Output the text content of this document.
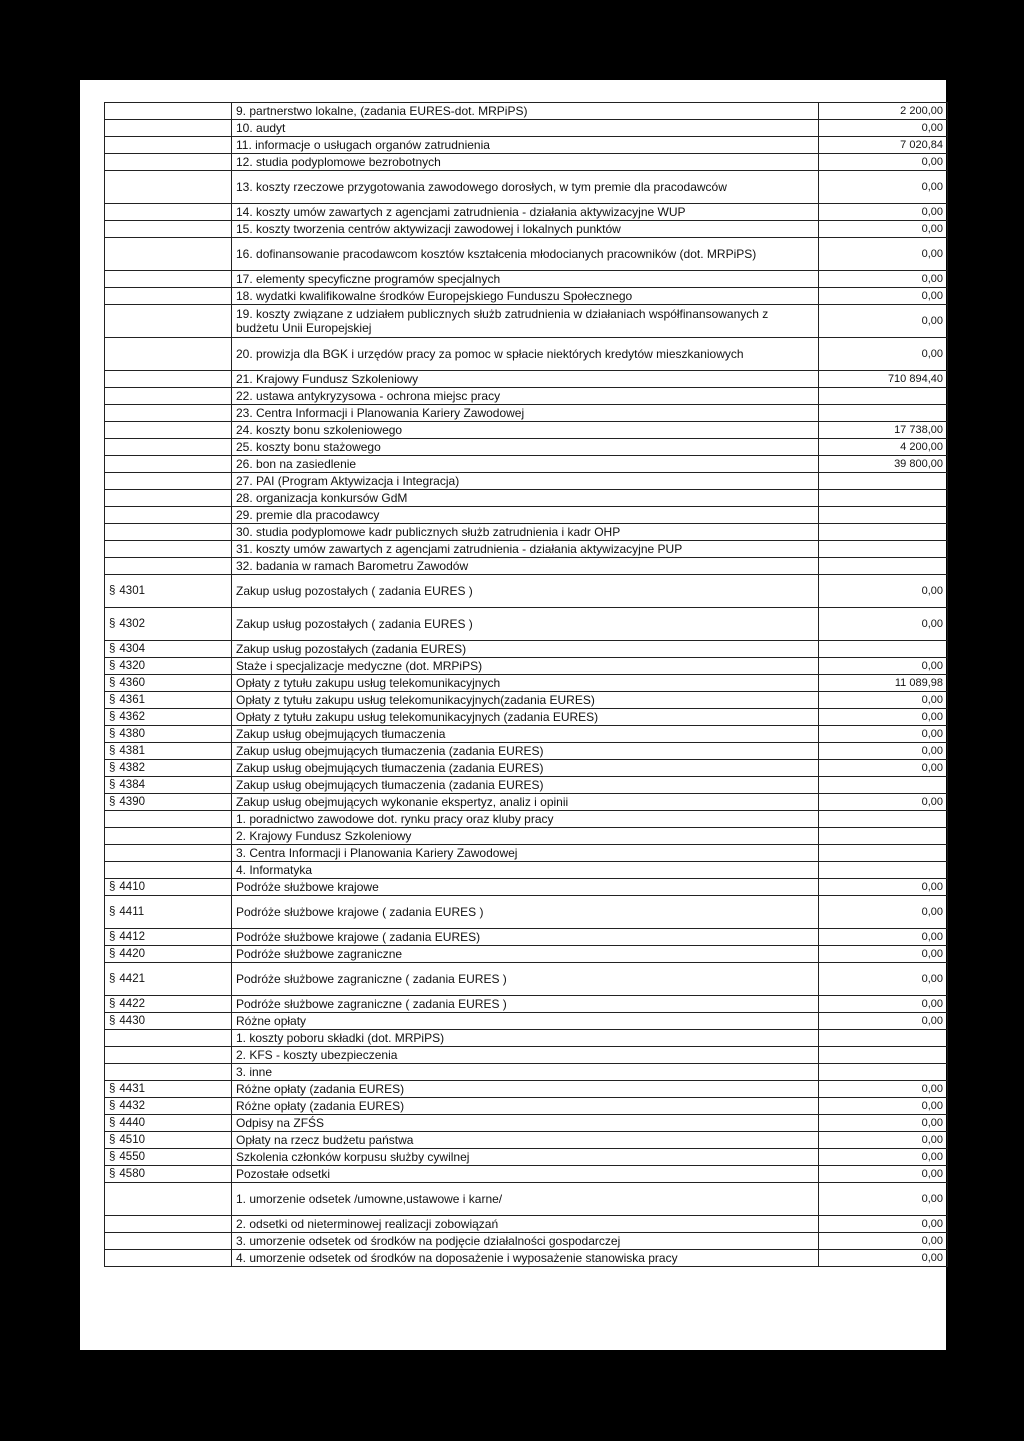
	9. partnerstwo lokalne, (zadania EURES-dot. MRPiPS)	2 200,00
	10. audyt	0,00
	11. informacje o usługach organów zatrudnienia	7 020,84
	12. studia podyplomowe bezrobotnych	0,00
	13. koszty rzeczowe przygotowania zawodowego dorosłych, w tym premie dla pracodawców	0,00
	14. koszty umów zawartych z agencjami zatrudnienia - działania aktywizacyjne WUP	0,00
	15. koszty tworzenia centrów aktywizacji zawodowej i lokalnych punktów	0,00
	16. dofinansowanie pracodawcom kosztów kształcenia młodocianych pracowników (dot. MRPiPS)	0,00
	17. elementy specyficzne programów specjalnych	0,00
	18. wydatki kwalifikowalne środków Europejskiego Funduszu Społecznego	0,00
	19. koszty związane z udziałem publicznych służb zatrudnienia w działaniach współfinansowanych z budżetu Unii Europejskiej	0,00
	20. prowizja dla BGK i urzędów pracy za pomoc w spłacie niektórych kredytów mieszkaniowych	0,00
	21. Krajowy Fundusz Szkoleniowy	710 894,40
	22. ustawa antykryzysowa - ochrona miejsc pracy	
	23. Centra Informacji i Planowania Kariery Zawodowej	
	24. koszty bonu szkoleniowego	17 738,00
	25. koszty bonu stażowego	4 200,00
	26. bon na zasiedlenie	39 800,00
	27. PAI (Program Aktywizacja i Integracja)	
	28. organizacja konkursów GdM	
	29. premie dla pracodawcy	
	30. studia podyplomowe kadr publicznych służb zatrudnienia i kadr OHP	
	31. koszty umów zawartych z agencjami zatrudnienia - działania aktywizacyjne PUP	
	32. badania w ramach Barometru Zawodów	
§ 4301	Zakup usług pozostałych ( zadania EURES )	0,00
§ 4302	Zakup usług pozostałych ( zadania EURES )	0,00
§ 4304	Zakup usług pozostałych (zadania EURES)	
§ 4320	Staże i specjalizacje medyczne (dot. MRPiPS)	0,00
§ 4360	Opłaty z tytułu zakupu usług telekomunikacyjnych	11 089,98
§ 4361	Opłaty z tytułu zakupu usług telekomunikacyjnych(zadania EURES)	0,00
§ 4362	Opłaty z tytułu zakupu usług telekomunikacyjnych (zadania EURES)	0,00
§ 4380	Zakup usług obejmujących tłumaczenia	0,00
§ 4381	Zakup usług obejmujących tłumaczenia (zadania EURES)	0,00
§ 4382	Zakup usług obejmujących tłumaczenia (zadania EURES)	0,00
§ 4384	Zakup usług obejmujących tłumaczenia (zadania EURES)	
§ 4390	Zakup usług obejmujących wykonanie ekspertyz, analiz i opinii	0,00
	1. poradnictwo zawodowe dot. rynku pracy oraz kluby pracy	
	2. Krajowy Fundusz Szkoleniowy	
	3. Centra Informacji i Planowania Kariery Zawodowej	
	4. Informatyka	
§ 4410	Podróże służbowe krajowe	0,00
§ 4411	Podróże służbowe krajowe ( zadania EURES )	0,00
§ 4412	Podróże służbowe krajowe ( zadania EURES)	0,00
§ 4420	Podróże służbowe zagraniczne	0,00
§ 4421	Podróże służbowe zagraniczne ( zadania EURES )	0,00
§ 4422	Podróże służbowe zagraniczne ( zadania EURES )	0,00
§ 4430	Różne opłaty	0,00
	1. koszty poboru składki (dot. MRPiPS)	
	2. KFS - koszty ubezpieczenia	
	3. inne	
§ 4431	Różne opłaty (zadania EURES)	0,00
§ 4432	Różne opłaty (zadania EURES)	0,00
§ 4440	Odpisy na ZFŚS	0,00
§ 4510	Opłaty na rzecz budżetu państwa	0,00
§ 4550	Szkolenia członków korpusu służby cywilnej	0,00
§ 4580	Pozostałe odsetki	0,00
	1. umorzenie odsetek /umowne,ustawowe i karne/	0,00
	2. odsetki od nieterminowej realizacji zobowiązań	0,00
	3. umorzenie odsetek od środków na podjęcie działalności gospodarczej	0,00
	4. umorzenie odsetek od środków na doposażenie i wyposażenie stanowiska pracy	0,00
